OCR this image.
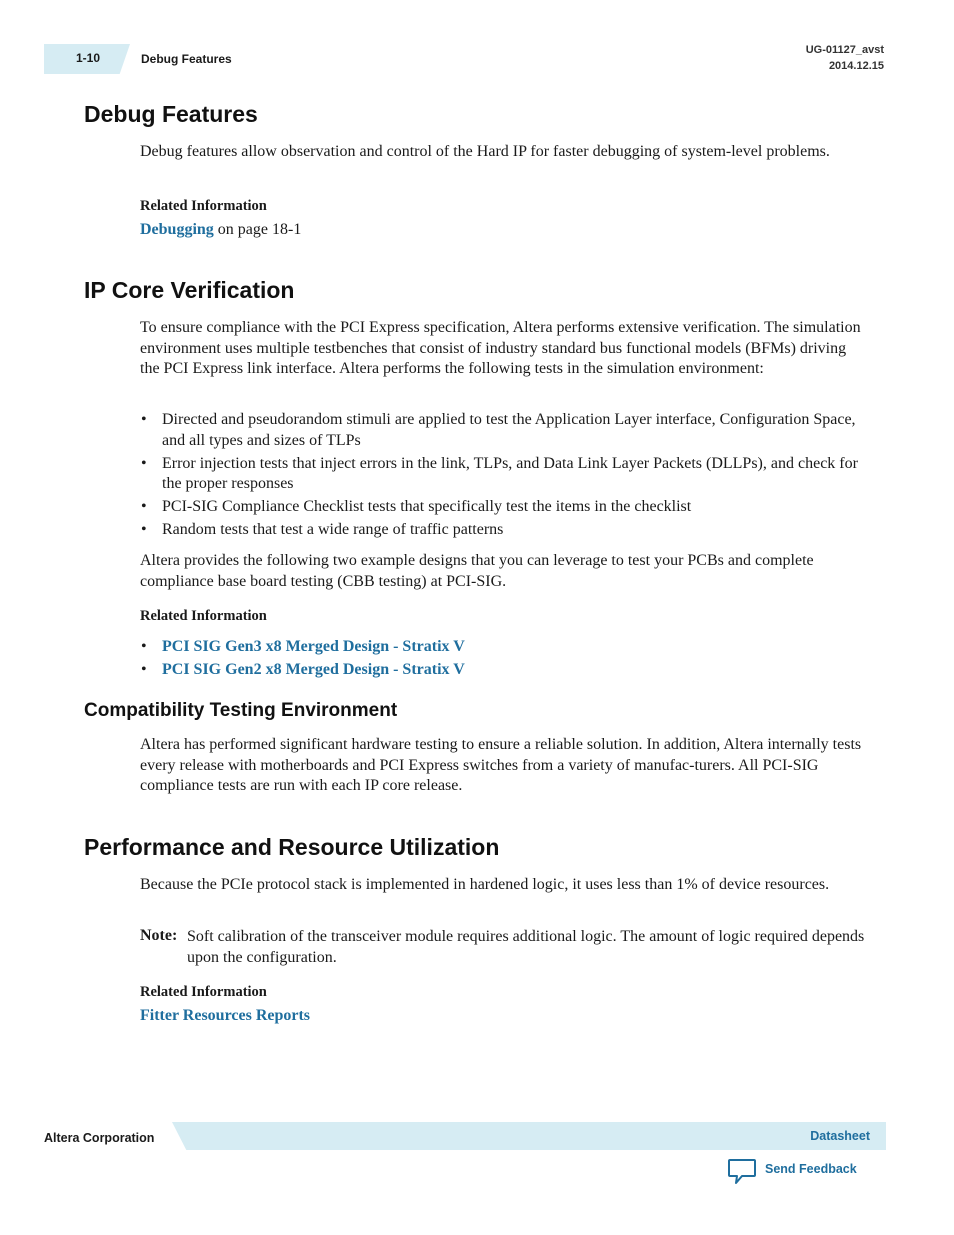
1-10	Debug Features
UG-01127_avst
2014.12.15
Debug Features
Debug features allow observation and control of the Hard IP for faster debugging of system-level problems.
Related Information
Debugging on page 18-1
IP Core Verification
To ensure compliance with the PCI Express specification, Altera performs extensive verification. The simulation environment uses multiple testbenches that consist of industry standard bus functional models (BFMs) driving the PCI Express link interface. Altera performs the following tests in the simulation environment:
• Directed and pseudorandom stimuli are applied to test the Application Layer interface, Configuration Space, and all types and sizes of TLPs
• Error injection tests that inject errors in the link, TLPs, and Data Link Layer Packets (DLLPs), and check for the proper responses
• PCI-SIG Compliance Checklist tests that specifically test the items in the checklist
• Random tests that test a wide range of traffic patterns
Altera provides the following two example designs that you can leverage to test your PCBs and complete compliance base board testing (CBB testing) at PCI-SIG.
Related Information
• PCI SIG Gen3 x8 Merged Design - Stratix V
• PCI SIG Gen2 x8 Merged Design - Stratix V
Compatibility Testing Environment
Altera has performed significant hardware testing to ensure a reliable solution. In addition, Altera internally tests every release with motherboards and PCI Express switches from a variety of manufac-turers. All PCI-SIG compliance tests are run with each IP core release.
Performance and Resource Utilization
Because the PCIe protocol stack is implemented in hardened logic, it uses less than 1% of device resources.
Note: Soft calibration of the transceiver module requires additional logic. The amount of logic required depends upon the configuration.
Related Information
Fitter Resources Reports
Altera Corporation	Datasheet
Send Feedback
